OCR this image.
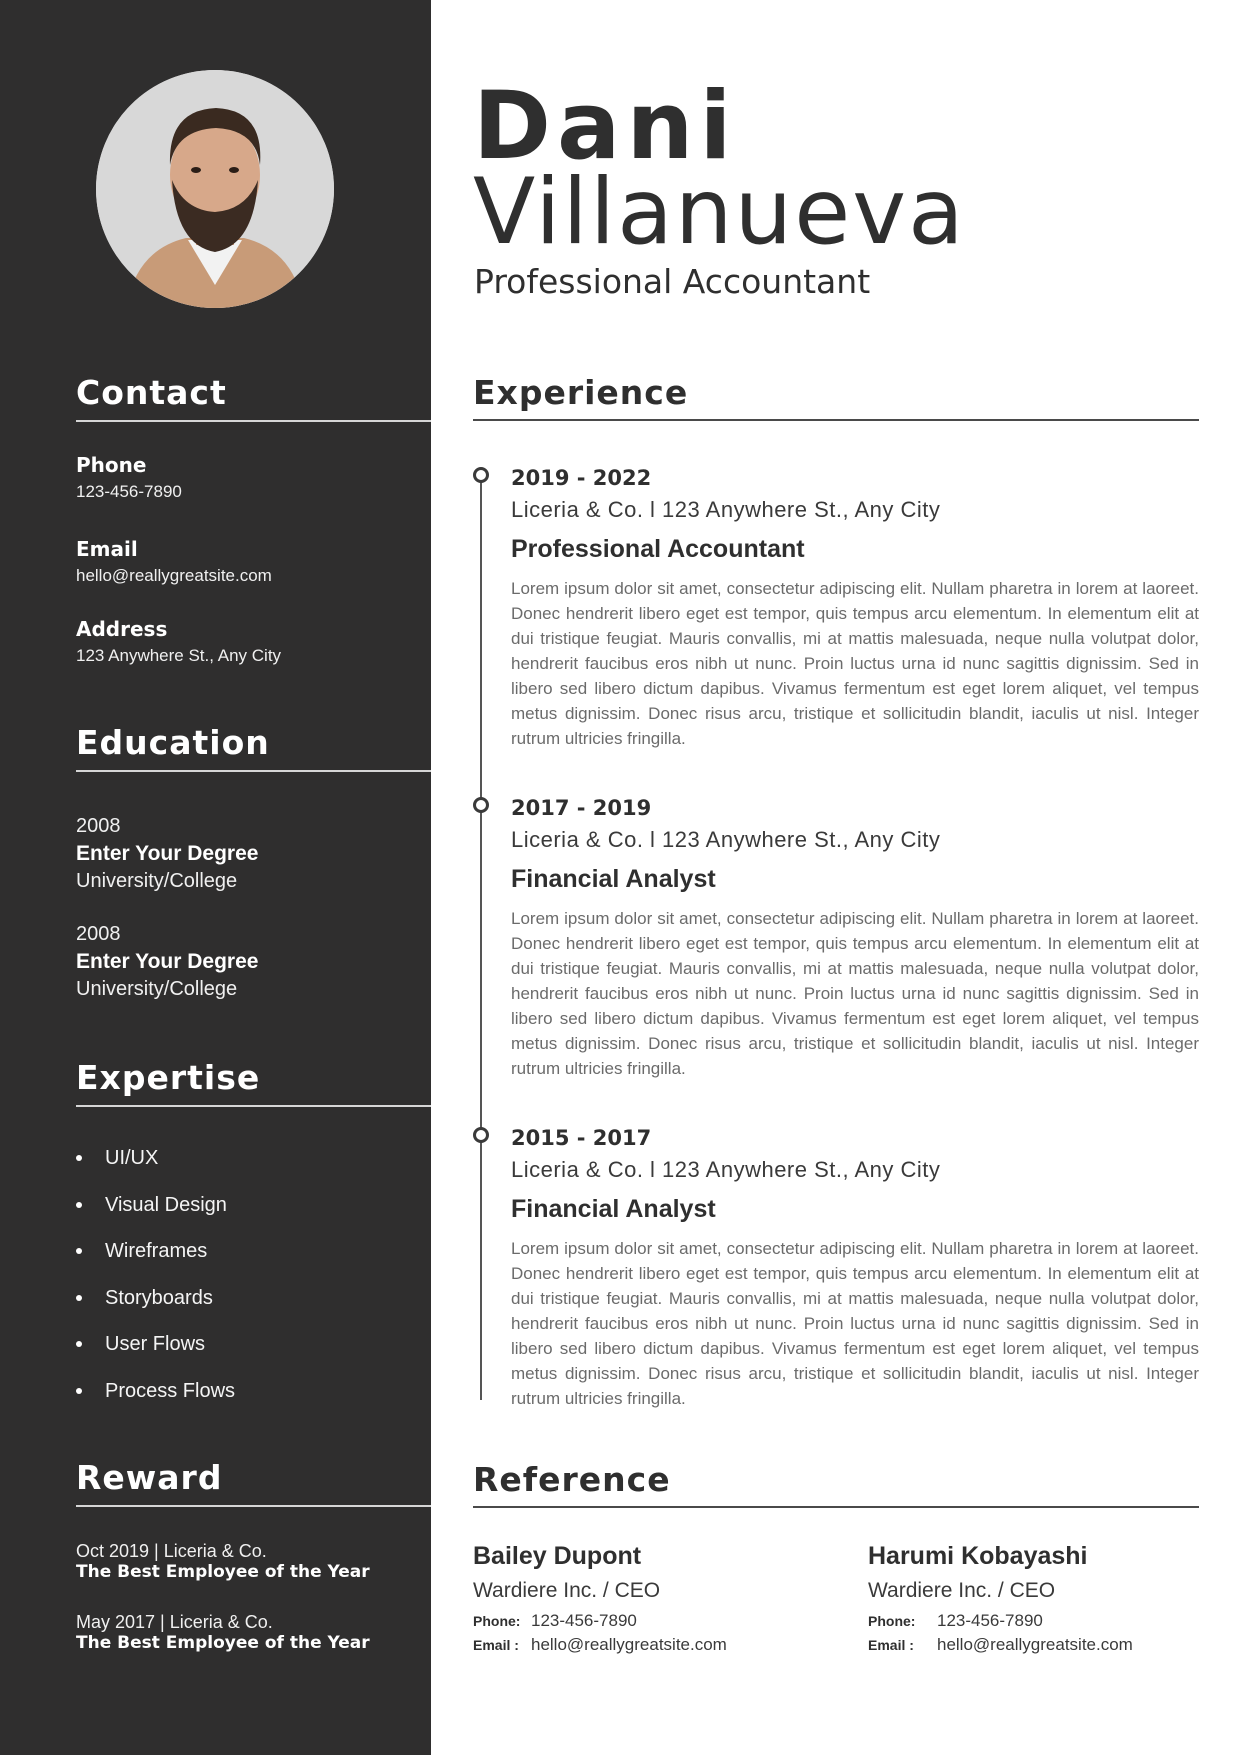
Contact
Phone
123-456-7890
Email
hello@reallygreatsite.com
Address
123 Anywhere St., Any City
Education
2008
Enter Your Degree
University/College
2008
Enter Your Degree
University/College
Expertise
UI/UX
Visual Design
Wireframes
Storyboards
User Flows
Process Flows
Reward
Oct 2019 | Liceria & Co.
The Best Employee of the Year
May 2017 | Liceria & Co.
The Best Employee of the Year
Dani
Villanueva
Professional Accountant
Experience
2019 - 2022
Liceria & Co. l 123 Anywhere St., Any City
Professional Accountant
Lorem ipsum dolor sit amet, consectetur adipiscing elit. Nullam pharetra in lorem at laoreet. Donec hendrerit libero eget est tempor, quis tempus arcu elementum. In elementum elit at dui tristique feugiat. Mauris convallis, mi at mattis malesuada, neque nulla volutpat dolor, hendrerit faucibus eros nibh ut nunc. Proin luctus urna id nunc sagittis dignissim. Sed in libero sed libero dictum dapibus. Vivamus fermentum est eget lorem aliquet, vel tempus metus dignissim. Donec risus arcu, tristique et sollicitudin blandit, iaculis ut nisl. Integer rutrum ultricies fringilla.
2017 - 2019
Liceria & Co. l 123 Anywhere St., Any City
Financial Analyst
Lorem ipsum dolor sit amet, consectetur adipiscing elit. Nullam pharetra in lorem at laoreet. Donec hendrerit libero eget est tempor, quis tempus arcu elementum. In elementum elit at dui tristique feugiat. Mauris convallis, mi at mattis malesuada, neque nulla volutpat dolor, hendrerit faucibus eros nibh ut nunc. Proin luctus urna id nunc sagittis dignissim. Sed in libero sed libero dictum dapibus. Vivamus fermentum est eget lorem aliquet, vel tempus metus dignissim. Donec risus arcu, tristique et sollicitudin blandit, iaculis ut nisl. Integer rutrum ultricies fringilla.
2015 - 2017
Liceria & Co. l 123 Anywhere St., Any City
Financial Analyst
Lorem ipsum dolor sit amet, consectetur adipiscing elit. Nullam pharetra in lorem at laoreet. Donec hendrerit libero eget est tempor, quis tempus arcu elementum. In elementum elit at dui tristique feugiat. Mauris convallis, mi at mattis malesuada, neque nulla volutpat dolor, hendrerit faucibus eros nibh ut nunc. Proin luctus urna id nunc sagittis dignissim. Sed in libero sed libero dictum dapibus. Vivamus fermentum est eget lorem aliquet, vel tempus metus dignissim. Donec risus arcu, tristique et sollicitudin blandit, iaculis ut nisl. Integer rutrum ultricies fringilla.
Reference
Bailey Dupont
Wardiere Inc. / CEO
Phone: 123-456-7890
Email : hello@reallygreatsite.com
Harumi Kobayashi
Wardiere Inc. / CEO
Phone:	123-456-7890
Email :	hello@reallygreatsite.com
